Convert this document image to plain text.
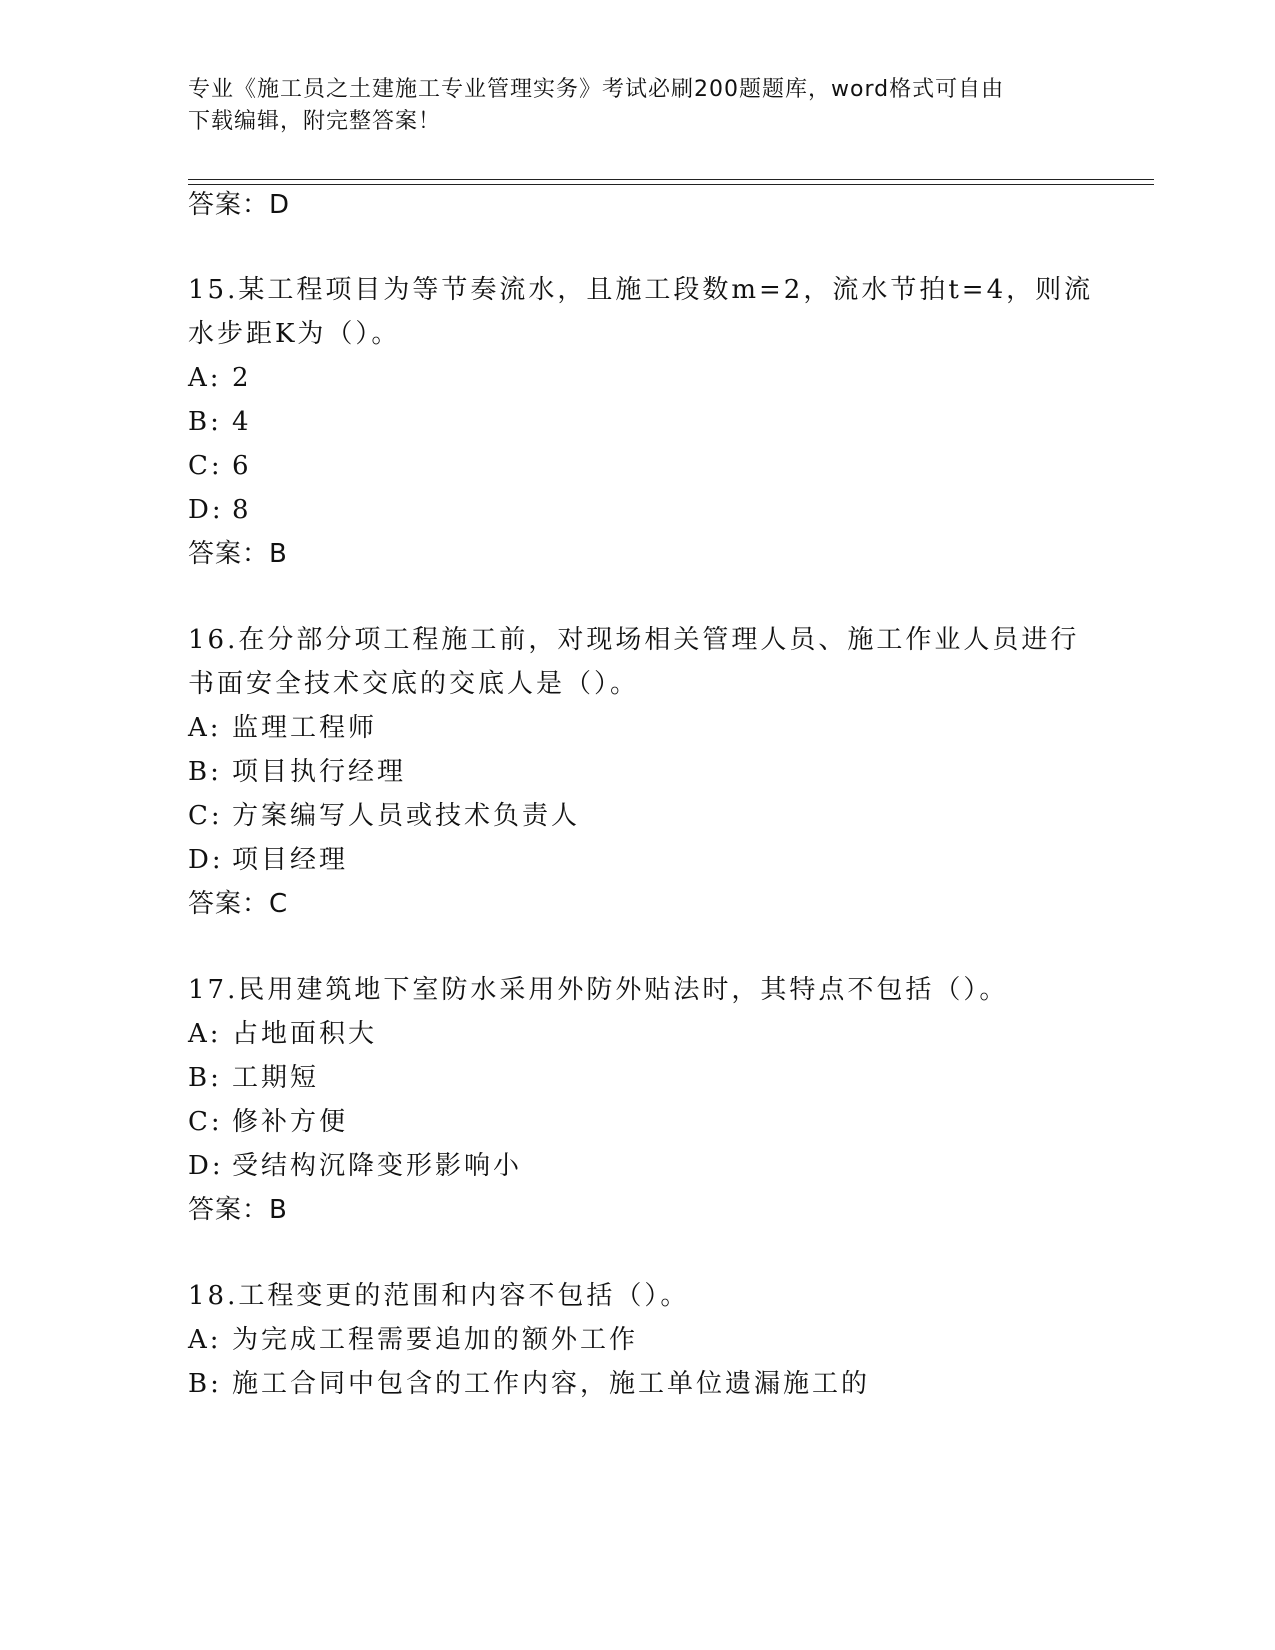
专业《施工员之土建施工专业管理实务》考试必刷200题题库，word格式可自由
下载编辑，附完整答案！
答案：D
15.某工程项目为等节奏流水，且施工段数m=2，流水节拍t=4，则流
水步距K为（）。
A: 2
B: 4
C: 6
D: 8
答案：B
16.在分部分项工程施工前，对现场相关管理人员、施工作业人员进行
书面安全技术交底的交底人是（）。
A: 监理工程师
B: 项目执行经理
C: 方案编写人员或技术负责人
D: 项目经理
答案：C
17.民用建筑地下室防水采用外防外贴法时，其特点不包括（）。
A: 占地面积大
B: 工期短
C: 修补方便
D: 受结构沉降变形影响小
答案：B
18.工程变更的范围和内容不包括（）。
A: 为完成工程需要追加的额外工作
B: 施工合同中包含的工作内容，施工单位遗漏施工的
